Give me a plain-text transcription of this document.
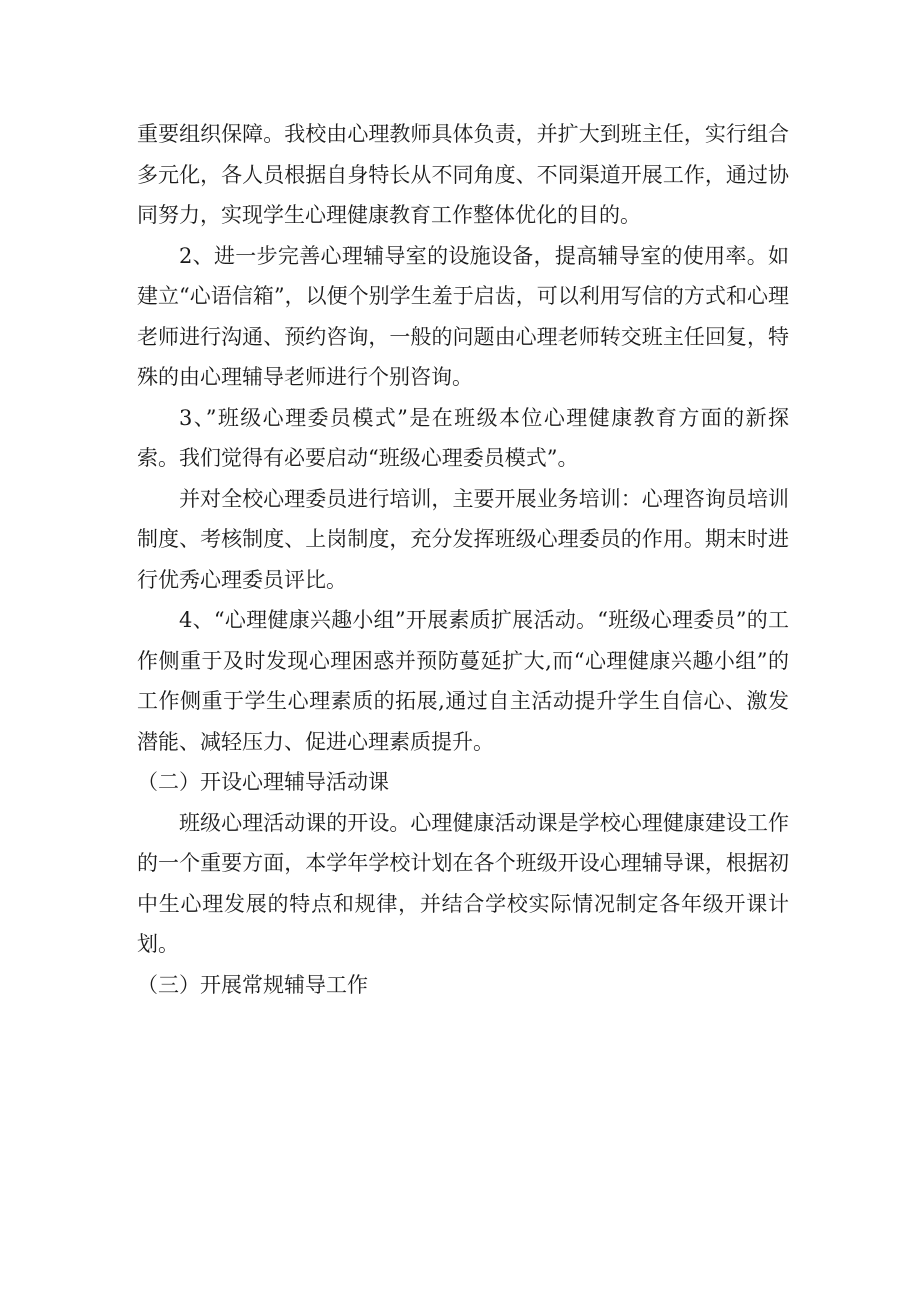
重要组织保障。我校由心理教师具体负责，并扩大到班主任，实行组合多元化，各人员根据自身特长从不同角度、不同渠道开展工作，通过协同努力，实现学生心理健康教育工作整体优化的目的。

2、进一步完善心理辅导室的设施设备，提高辅导室的使用率。如建立“心语信箱”，以便个别学生羞于启齿，可以利用写信的方式和心理老师进行沟通、预约咨询，一般的问题由心理老师转交班主任回复，特殊的由心理辅导老师进行个别咨询。

3、”班级心理委员模式”是在班级本位心理健康教育方面的新探索。我们觉得有必要启动“班级心理委员模式”。

并对全校心理委员进行培训，主要开展业务培训：心理咨询员培训制度、考核制度、上岗制度，充分发挥班级心理委员的作用。期末时进行优秀心理委员评比。

4、“心理健康兴趣小组”开展素质扩展活动。“班级心理委员”的工作侧重于及时发现心理困惑并预防蔓延扩大,而“心理健康兴趣小组”的工作侧重于学生心理素质的拓展,通过自主活动提升学生自信心、激发潜能、减轻压力、促进心理素质提升。

（二）开设心理辅导活动课

班级心理活动课的开设。心理健康活动课是学校心理健康建设工作的一个重要方面，本学年学校计划在各个班级开设心理辅导课，根据初中生心理发展的特点和规律，并结合学校实际情况制定各年级开课计划。

（三）开展常规辅导工作
